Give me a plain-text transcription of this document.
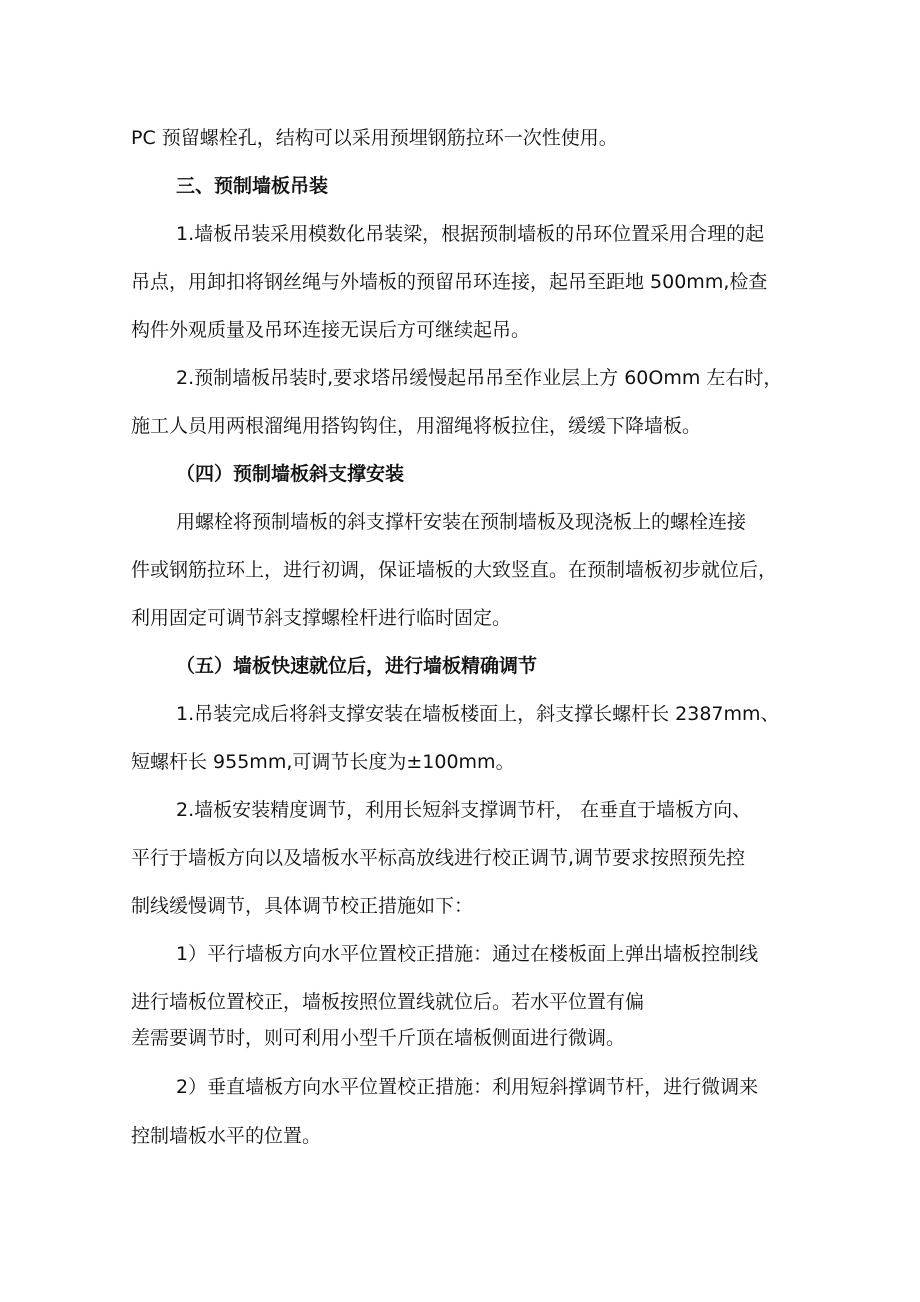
PC 预留螺栓孔，结构可以采用预埋钢筋拉环一次性使用。
三、预制墙板吊装
1.墙板吊装采用模数化吊装梁，根据预制墙板的吊环位置采用合理的起
吊点，用卸扣将钢丝绳与外墙板的预留吊环连接，起吊至距地 500mm,检查
构件外观质量及吊环连接无误后方可继续起吊。
2.预制墙板吊装时,要求塔吊缓慢起吊吊至作业层上方 60Omm 左右时，
施工人员用两根溜绳用搭钩钩住，用溜绳将板拉住，缓缓下降墙板。
（四）预制墙板斜支撑安装
用螺栓将预制墙板的斜支撑杆安装在预制墙板及现浇板上的螺栓连接
件或钢筋拉环上，进行初调，保证墙板的大致竖直。在预制墙板初步就位后，
利用固定可调节斜支撑螺栓杆进行临时固定。
（五）墙板快速就位后，进行墙板精确调节
1.吊装完成后将斜支撑安装在墙板楼面上，斜支撑长螺杆长 2387mm、
短螺杆长 955mm,可调节长度为±100mm。
2.墙板安装精度调节，利用长短斜支撑调节杆， 在垂直于墙板方向、
平行于墙板方向以及墙板水平标高放线进行校正调节,调节要求按照预先控
制线缓慢调节，具体调节校正措施如下：
1）平行墙板方向水平位置校正措施：通过在楼板面上弹出墙板控制线
进行墙板位置校正，墙板按照位置线就位后。若水平位置有偏
差需要调节时，则可利用小型千斤顶在墙板侧面进行微调。
2）垂直墙板方向水平位置校正措施：利用短斜撑调节杆，进行微调来
控制墙板水平的位置。
